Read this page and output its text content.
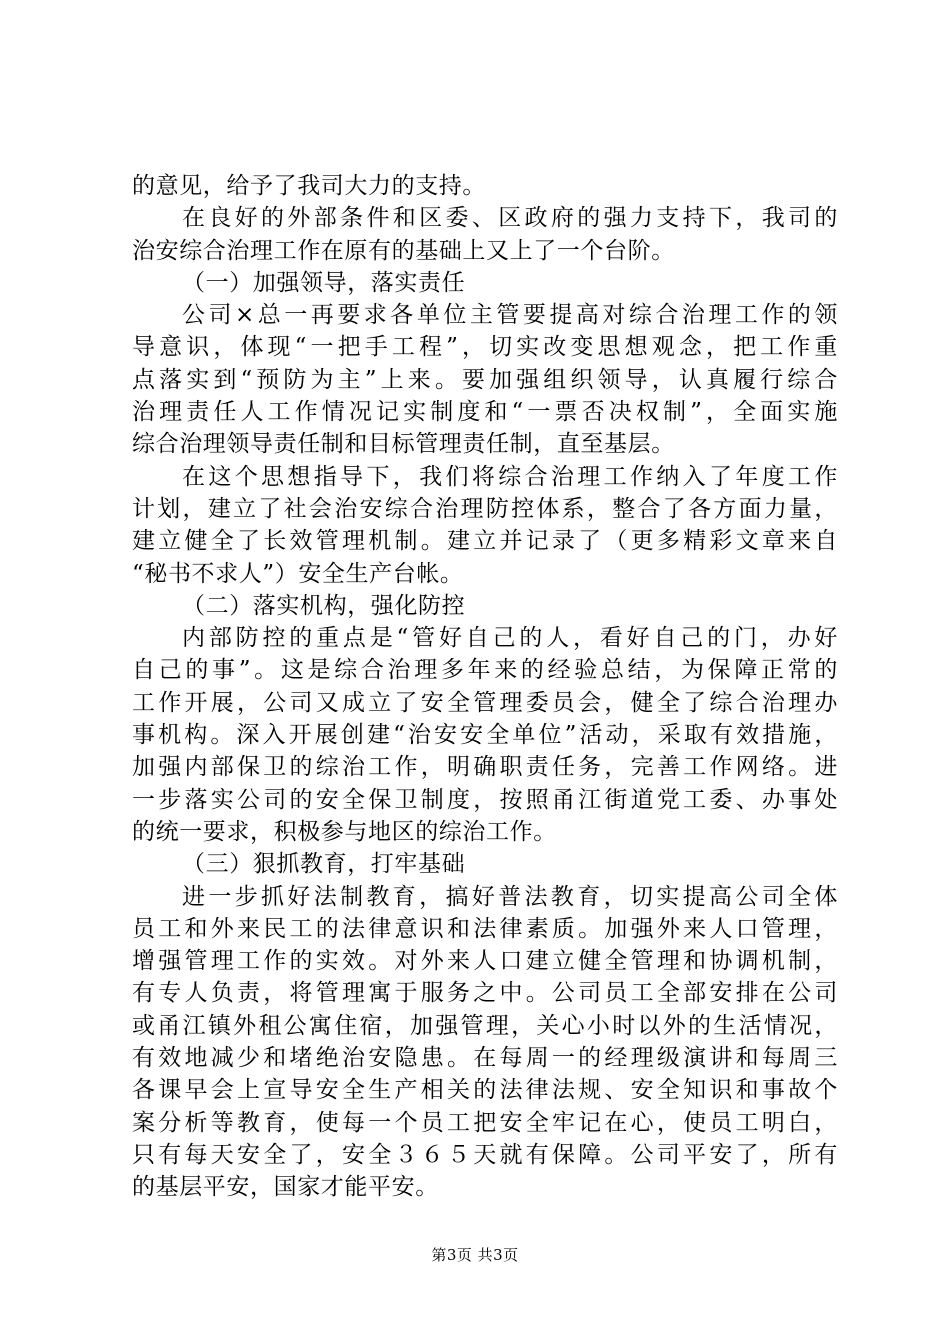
的意见，给予了我司大力的支持。
在良好的外部条件和区委、区政府的强力支持下，我司的
治安综合治理工作在原有的基础上又上了一个台阶。
（一）加强领导，落实责任
公司×总一再要求各单位主管要提高对综合治理工作的领
导意识，体现“一把手工程”，切实改变思想观念，把工作重
点落实到“预防为主”上来。要加强组织领导，认真履行综合
治理责任人工作情况记实制度和“一票否决权制”，全面实施
综合治理领导责任制和目标管理责任制，直至基层。
在这个思想指导下，我们将综合治理工作纳入了年度工作
计划，建立了社会治安综合治理防控体系，整合了各方面力量，
建立健全了长效管理机制。建立并记录了（更多精彩文章来自
“秘书不求人”）安全生产台帐。
（二）落实机构，强化防控
内部防控的重点是“管好自己的人，看好自己的门，办好
自己的事”。这是综合治理多年来的经验总结，为保障正常的
工作开展，公司又成立了安全管理委员会，健全了综合治理办
事机构。深入开展创建“治安安全单位”活动，采取有效措施，
加强内部保卫的综治工作，明确职责任务，完善工作网络。进
一步落实公司的安全保卫制度，按照甬江街道党工委、办事处
的统一要求，积极参与地区的综治工作。
（三）狠抓教育，打牢基础
进一步抓好法制教育，搞好普法教育，切实提高公司全体
员工和外来民工的法律意识和法律素质。加强外来人口管理，
增强管理工作的实效。对外来人口建立健全管理和协调机制，
有专人负责，将管理寓于服务之中。公司员工全部安排在公司
或甬江镇外租公寓住宿，加强管理，关心小时以外的生活情况，
有效地减少和堵绝治安隐患。在每周一的经理级演讲和每周三
各课早会上宣导安全生产相关的法律法规、安全知识和事故个
案分析等教育，使每一个员工把安全牢记在心，使员工明白，
只有每天安全了，安全３６５天就有保障。公司平安了，所有
的基层平安，国家才能平安。
第3页 共3页
